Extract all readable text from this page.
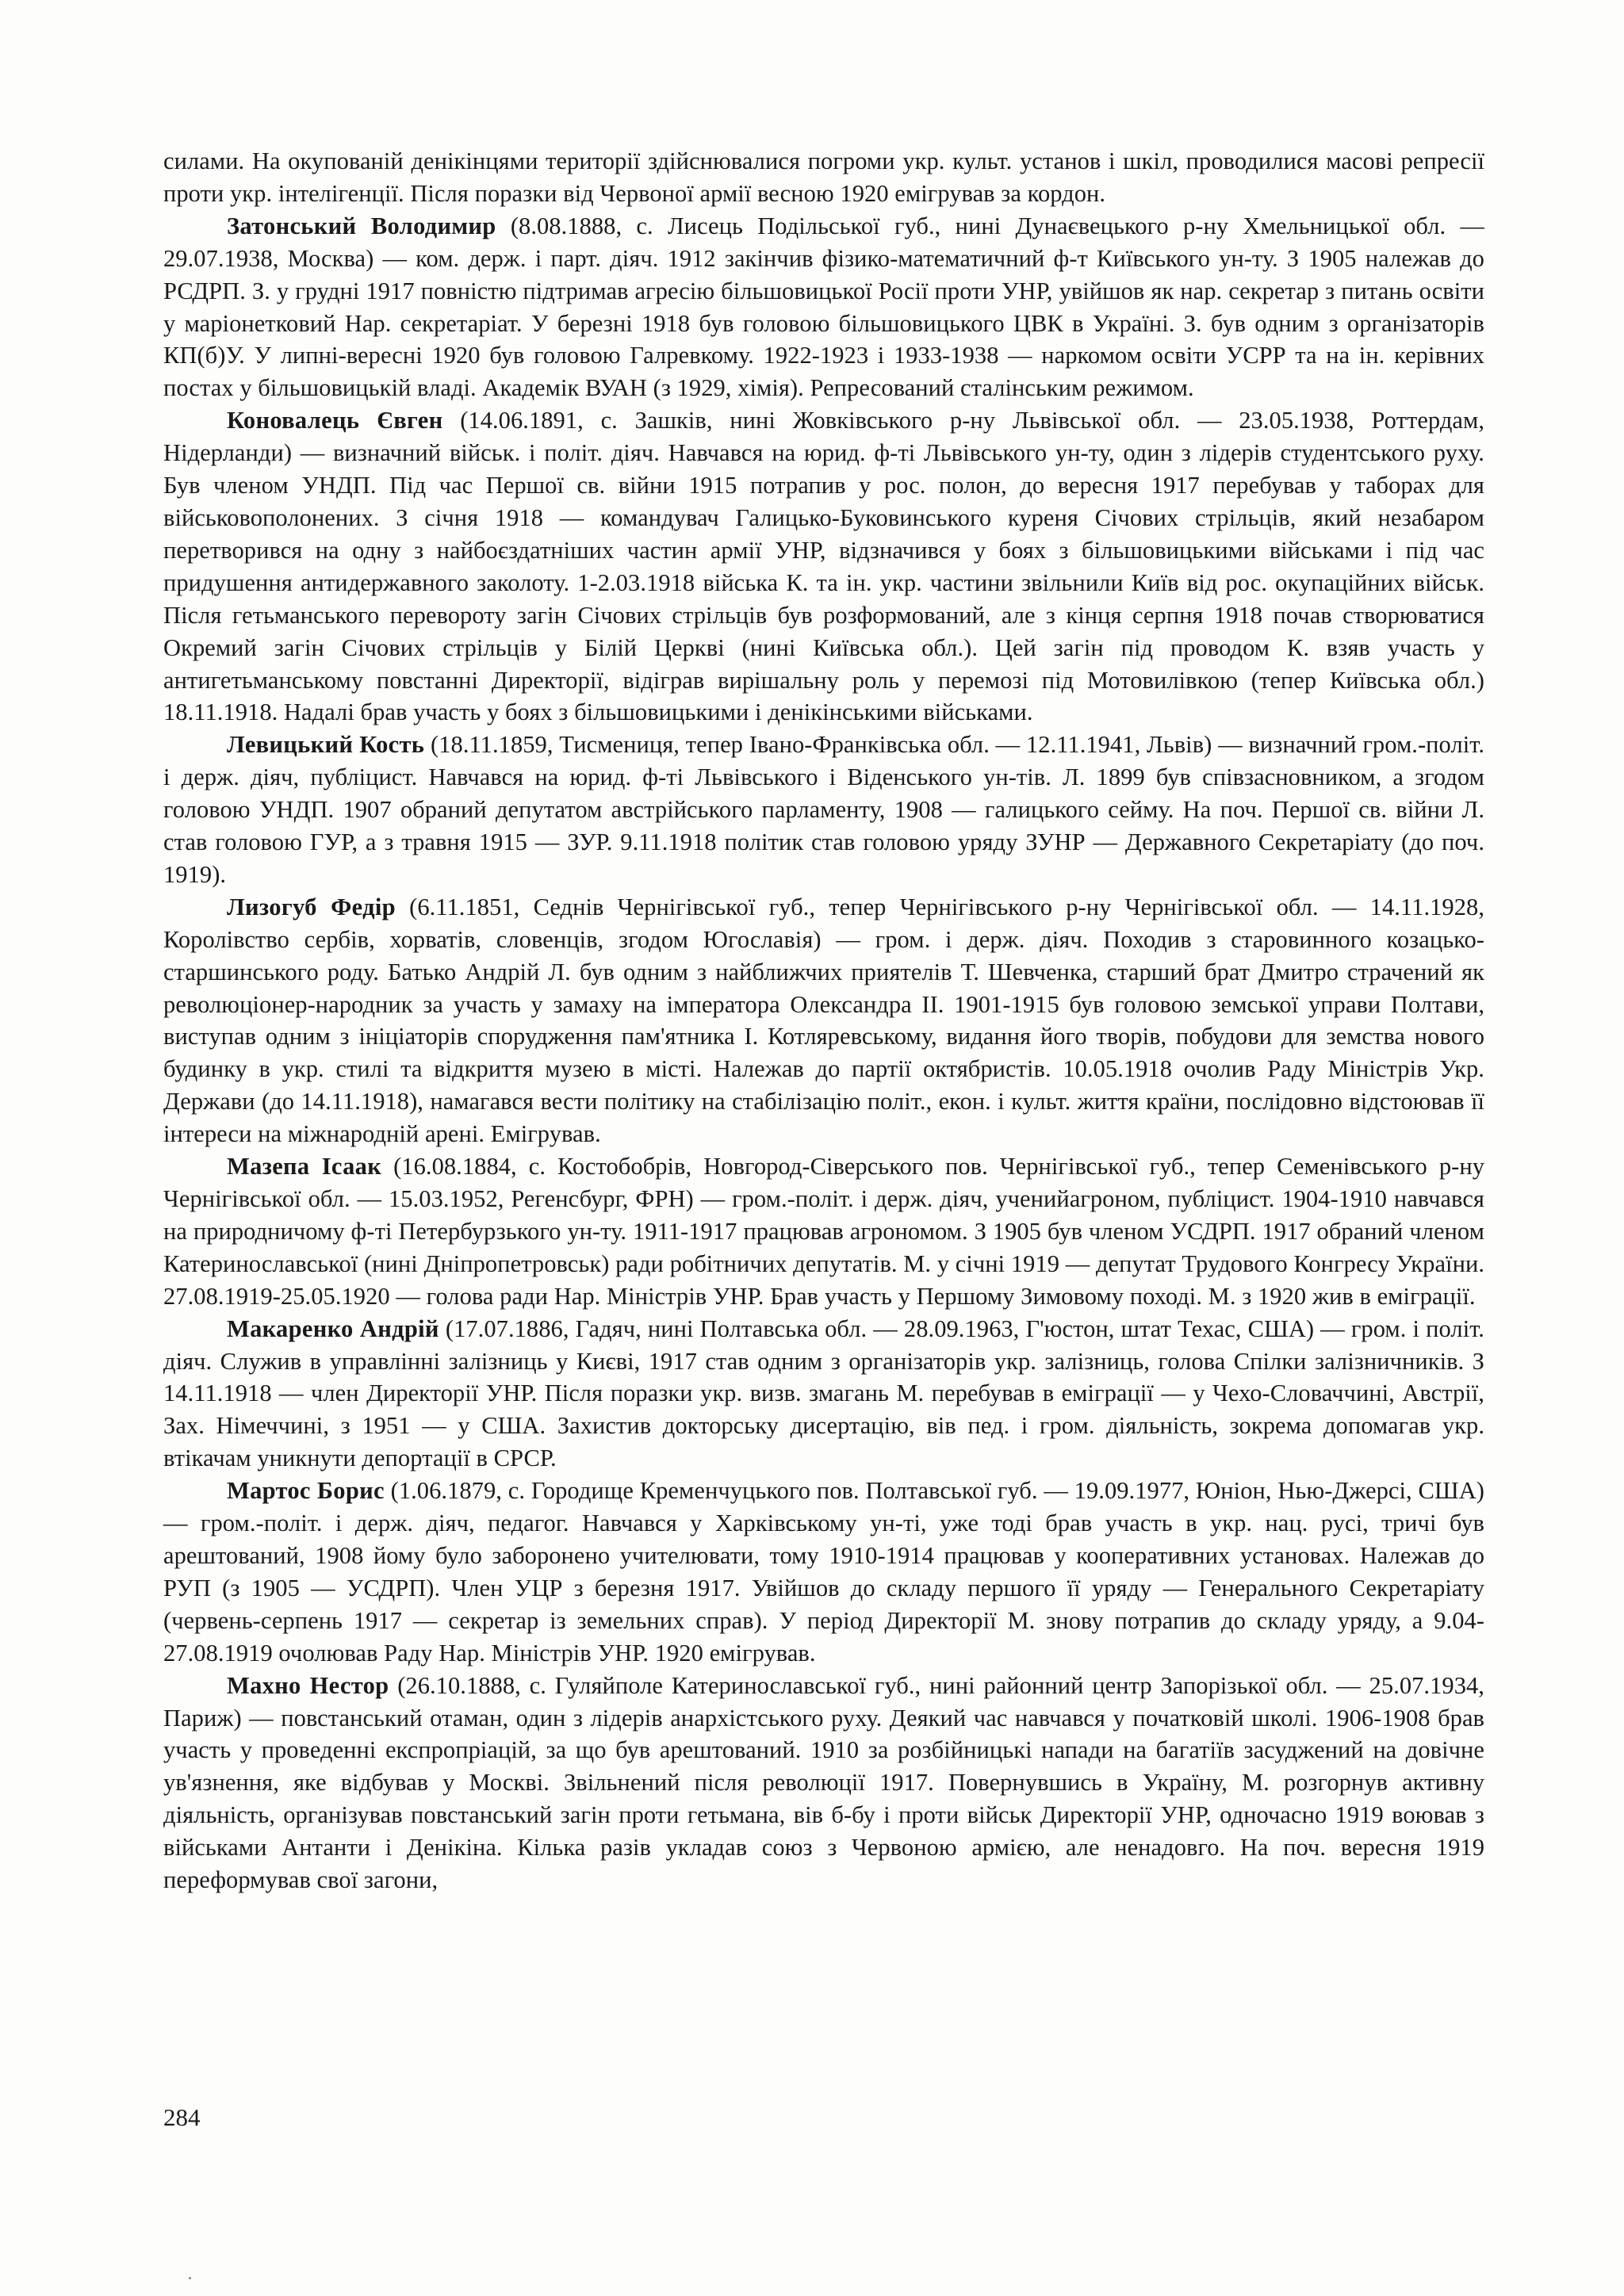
силами. На окупованій денікінцями території здійснювалися погроми укр. культ. установ і шкіл, проводилися масові репресії проти укр. інтелігенції. Після поразки від Червоної армії весною 1920 емігрував за кордон.

Затонський Володимир (8.08.1888, с. Лисець Подільської губ., нині Дунаєвецького р-ну Хмельницької обл. — 29.07.1938, Москва) — ком. держ. і парт. діяч. 1912 закінчив фізико-математичний ф-т Київського ун-ту. З 1905 належав до РСДРП. З. у грудні 1917 повністю підтримав агресію більшовицької Росії проти УНР, увійшов як нар. секретар з питань освіти у маріонетковий Нар. секретаріат. У березні 1918 був головою більшовицького ЦВК в Україні. З. був одним з організаторів КП(б)У. У липні-вересні 1920 був головою Галревкому. 1922-1923 і 1933-1938 — наркомом освіти УСРР та на ін. керівних постах у більшовицькій владі. Академік ВУАН (з 1929, хімія). Репресований сталінським режимом.

Коновалець Євген (14.06.1891, с. Зашків, нині Жовківського р-ну Львівської обл. — 23.05.1938, Роттердам, Нідерланди) — визначний військ. і політ. діяч. Навчався на юрид. ф-ті Львівського ун-ту, один з лідерів студентського руху. Був членом УНДП. Під час Першої св. війни 1915 потрапив у рос. полон, до вересня 1917 перебував у таборах для військовополонених. З січня 1918 — командувач Галицько-Буковинського куреня Січових стрільців, який незабаром перетворився на одну з найбоєздатніших частин армії УНР, відзначився у боях з більшовицькими військами і під час придушення антидержавного заколоту. 1-2.03.1918 війська К. та ін. укр. частини звільнили Київ від рос. окупаційних військ. Після гетьманського перевороту загін Січових стрільців був розформований, але з кінця серпня 1918 почав створюватися Окремий загін Січових стрільців у Білій Церкві (нині Київська обл.). Цей загін під проводом К. взяв участь у антигетьманському повстанні Директорії, відіграв вирішальну роль у перемозі під Мотовилівкою (тепер Київська обл.) 18.11.1918. Надалі брав участь у боях з більшовицькими і денікінськими військами.

Левицький Кость (18.11.1859, Тисмениця, тепер Івано-Франківська обл. — 12.11.1941, Львів) — визначний гром.-політ. і держ. діяч, публіцист. Навчався на юрид. ф-ті Львівського і Віденського ун-тів. Л. 1899 був співзасновником, а згодом головою УНДП. 1907 обраний депутатом австрійського парламенту, 1908 — галицького сейму. На поч. Першої св. війни Л. став головою ГУР, а з травня 1915 — ЗУР. 9.11.1918 політик став головою уряду ЗУНР — Державного Секретаріату (до поч. 1919).

Лизогуб Федір (6.11.1851, Седнів Чернігівської губ., тепер Чернігівського р-ну Чернігівської обл. — 14.11.1928, Королівство сербів, хорватів, словенців, згодом Югославія) — гром. і держ. діяч. Походив з старовинного козацько-старшинського роду. Батько Андрій Л. був одним з найближчих приятелів Т. Шевченка, старший брат Дмитро страчений як революціонер-народник за участь у замаху на імператора Олександра II. 1901-1915 був головою земської управи Полтави, виступав одним з ініціаторів спорудження пам'ятника І. Котляревському, видання його творів, побудови для земства нового будинку в укр. стилі та відкриття музею в місті. Належав до партії октябристів. 10.05.1918 очолив Раду Міністрів Укр. Держави (до 14.11.1918), намагався вести політику на стабілізацію політ., екон. і культ. життя країни, послідовно відстоював її інтереси на міжнародній арені. Емігрував.

Мазепа Ісаак (16.08.1884, с. Костобобрів, Новгород-Сіверського пов. Чернігівської губ., тепер Семенівського р-ну Чернігівської обл. — 15.03.1952, Регенсбург, ФРН) — гром.-політ. і держ. діяч, ученийагроном, публіцист. 1904-1910 навчався на природничому ф-ті Петербурзького ун-ту. 1911-1917 працював агрономом. З 1905 був членом УСДРП. 1917 обраний членом Катеринославської (нині Дніпропетровськ) ради робітничих депутатів. М. у січні 1919 — депутат Трудового Конгресу України. 27.08.1919-25.05.1920 — голова ради Нар. Міністрів УНР. Брав участь у Першому Зимовому поході. М. з 1920 жив в еміграції.

Макаренко Андрій (17.07.1886, Гадяч, нині Полтавська обл. — 28.09.1963, Г'юстон, штат Техас, США) — гром. і політ. діяч. Служив в управлінні залізниць у Києві, 1917 став одним з організаторів укр. залізниць, голова Спілки залізничників. З 14.11.1918 — член Директорії УНР. Після поразки укр. визв. змагань М. перебував в еміграції — у Чехо-Словаччині, Австрії, Зах. Німеччині, з 1951 — у США. Захистив докторську дисертацію, вів пед. і гром. діяльність, зокрема допомагав укр. втікачам уникнути депортації в СРСР.

Мартос Борис (1.06.1879, с. Городище Кременчуцького пов. Полтавської губ. — 19.09.1977, Юніон, Нью-Джерсі, США) — гром.-політ. і держ. діяч, педагог. Навчався у Харківському ун-ті, уже тоді брав участь в укр. нац. русі, тричі був арештований, 1908 йому було заборонено учителювати, тому 1910-1914 працював у кооперативних установах. Належав до РУП (з 1905 — УСДРП). Член УЦР з березня 1917. Увійшов до складу першого її уряду — Генерального Секретаріату (червень-серпень 1917 — секретар із земельних справ). У період Директорії М. знову потрапив до складу уряду, а 9.04-27.08.1919 очолював Раду Нар. Міністрів УНР. 1920 емігрував.

Махно Нестор (26.10.1888, с. Гуляйполе Катеринославської губ., нині районний центр Запорізької обл. — 25.07.1934, Париж) — повстанський отаман, один з лідерів анархістського руху. Деякий час навчався у початковій школі. 1906-1908 брав участь у проведенні експропріацій, за що був арештований. 1910 за розбійницькі напади на багатіїв засуджений на довічне ув'язнення, яке відбував у Москві. Звільнений після революції 1917. Повернувшись в Україну, М. розгорнув активну діяльність, організував повстанський загін проти гетьмана, вів б-бу і проти військ Директорії УНР, одночасно 1919 воював з військами Антанти і Денікіна. Кілька разів укладав союз з Червоною армією, але ненадовго. На поч. вересня 1919 переформував свої загони,

284
